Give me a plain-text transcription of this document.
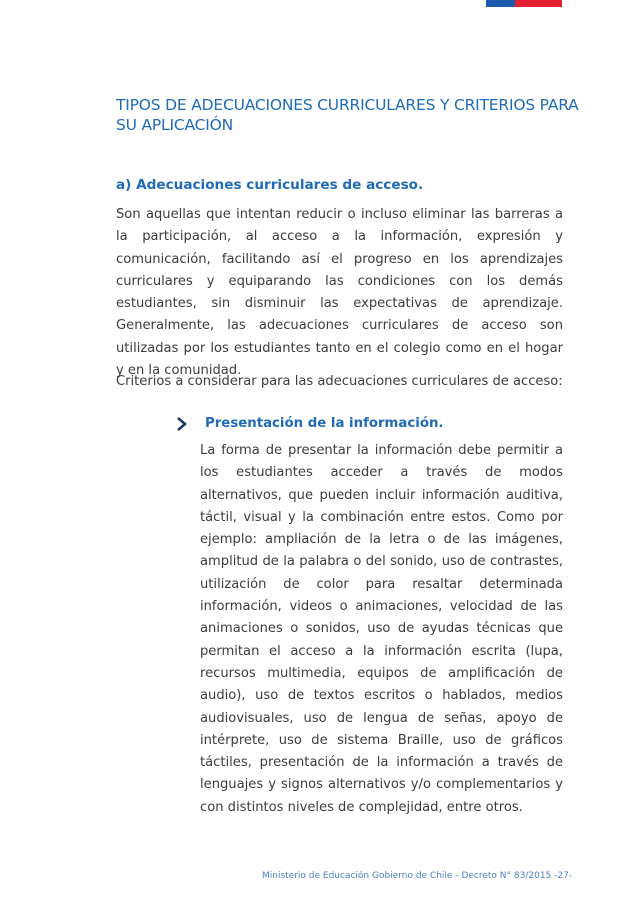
TIPOS DE ADECUACIONES CURRICULARES Y CRITERIOS PARA SU APLICACIÓN
a) Adecuaciones curriculares de acceso.

Son aquellas que intentan reducir o incluso eliminar las barreras a la participación, al acceso a la información, expresión y comunicación, facilitando así el progreso en los aprendizajes curriculares y equiparando las condiciones con los demás estudiantes, sin disminuir las expectativas de aprendizaje. Generalmente, las adecuaciones curriculares de acceso son utilizadas por los estudiantes tanto en el colegio como en el hogar y en la comunidad.

Criterios a considerar para las adecuaciones curriculares de acceso:

Presentación de la información.

La forma de presentar la información debe permitir a los estudiantes acceder a través de modos alternativos, que pueden incluir información auditiva, táctil, visual y la combinación entre estos. Como por ejemplo: ampliación de la letra o de las imágenes, amplitud de la palabra o del sonido, uso de contrastes, utilización de color para resaltar determinada información, videos o animaciones, velocidad de las animaciones o sonidos, uso de ayudas técnicas que permitan el acceso a la información escrita (lupa, recursos multimedia, equipos de amplificación de audio), uso de textos escritos o hablados, medios audiovisuales, uso de lengua de señas, apoyo de intérprete, uso de sistema Braille, uso de gráficos táctiles, presentación de la información a través de lenguajes y signos alternativos y/o complementarios y con distintos niveles de complejidad, entre otros.

Ministerio de Educación Gobierno de Chile - Decreto N° 83/2015 -27-
